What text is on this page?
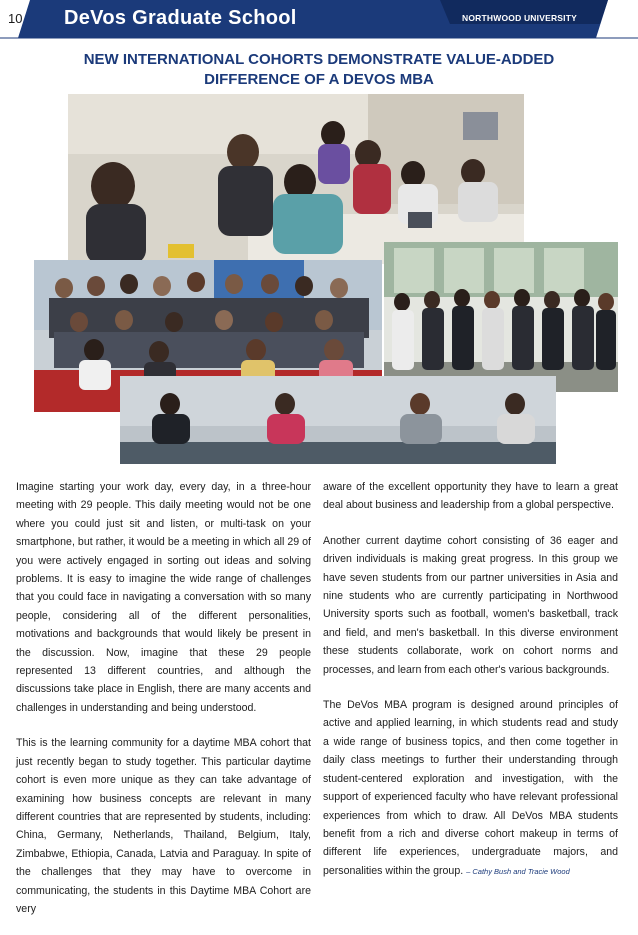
10 DeVos Graduate School	NORTHWOOD UNIVERSITY
NEW INTERNATIONAL COHORTS DEMONSTRATE VALUE-ADDED
DIFFERENCE OF A DEVOS MBA

Imagine starting your work day, every day, in a three-hour meeting with 29 people. This daily meeting would not be one where you could just sit and listen, or multi-task on your smartphone, but rather, it would be a meeting in which all 29 of you were actively engaged in sorting out ideas and solving problems. It is easy to imagine the wide range of challenges that you could face in navigating a conversation with so many people, considering all of the different personalities, motivations and backgrounds that would likely be present in the discussion. Now, imagine that these 29 people represented 13 different countries, and although the discussions take place in English, there are many accents and challenges in understanding and being understood.

This is the learning community for a daytime MBA cohort that just recently began to study together. This particular daytime cohort is even more unique as they can take advantage of examining how business concepts are relevant in many different countries that are represented by students, including: China, Germany, Netherlands, Thailand, Belgium, Italy, Zimbabwe, Ethiopia, Canada, Latvia and Paraguay. In spite of the challenges that they may have to overcome in communicating, the students in this Daytime MBA Cohort are very

aware of the excellent opportunity they have to learn a great deal about business and leadership from a global perspective.

Another current daytime cohort consisting of 36 eager and driven individuals is making great progress. In this group we have seven students from our partner universities in Asia and nine students who are currently participating in Northwood University sports such as football, women's basketball, track and field, and men's basketball. In this diverse environment these students collaborate, work on cohort norms and processes, and learn from each other's various backgrounds.

The DeVos MBA program is designed around principles of active and applied learning, in which students read and study a wide range of business topics, and then come together in daily class meetings to further their understanding through student-centered exploration and investigation, with the support of experienced faculty who have relevant professional experiences from which to draw. All DeVos MBA students benefit from a rich and diverse cohort makeup in terms of different life experiences, undergraduate majors, and personalities within the group. – Cathy Bush and Tracie Wood
